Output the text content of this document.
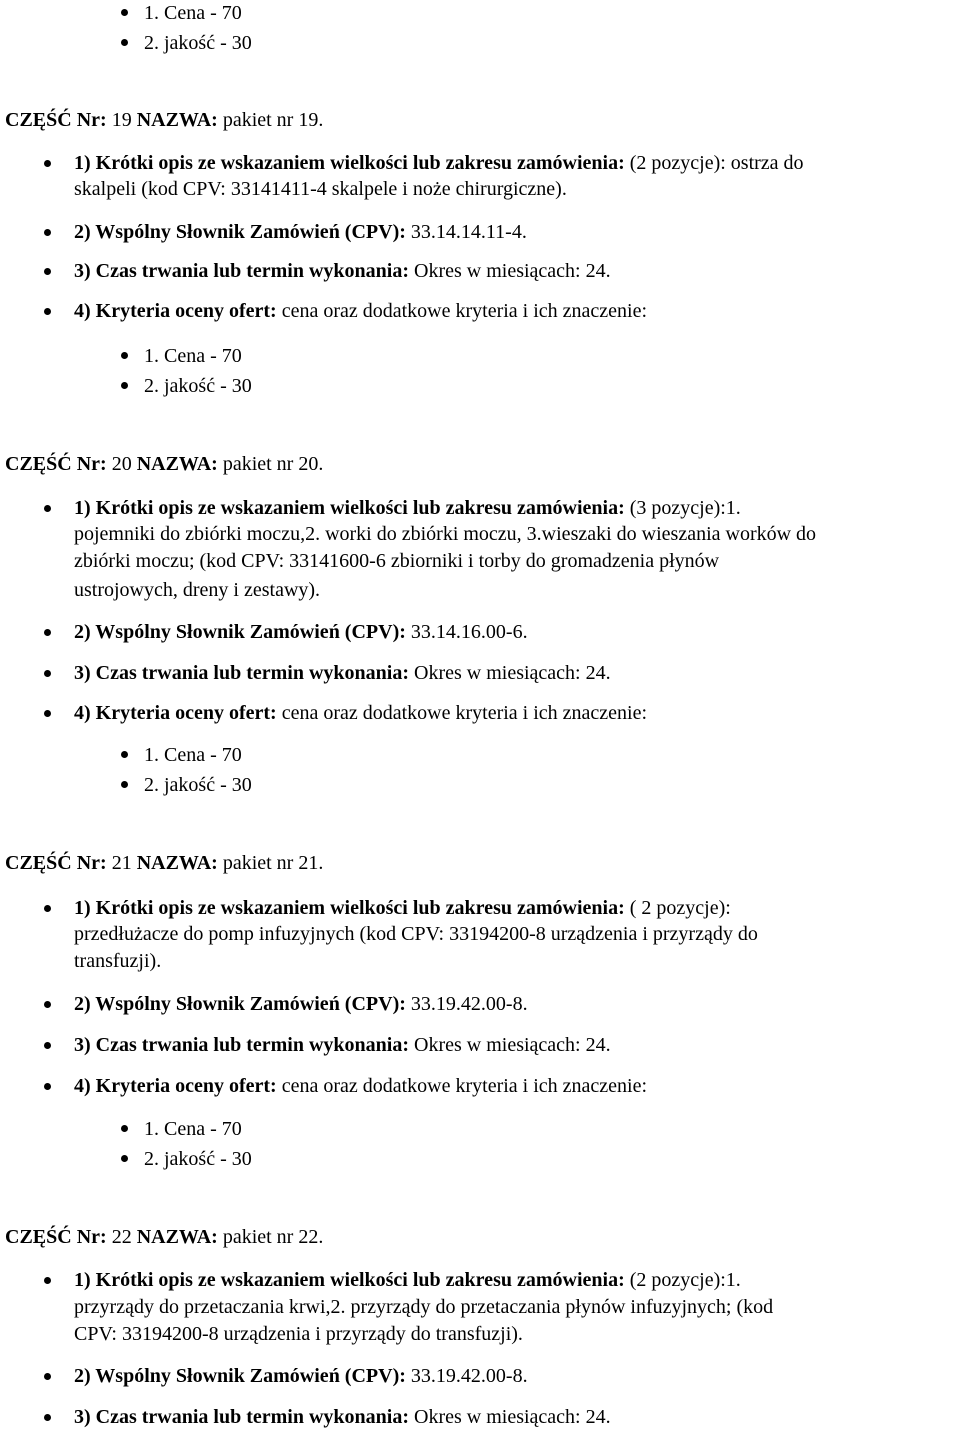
1. Cena - 70
2. jakość - 30
CZĘŚĆ Nr: 19 NAZWA: pakiet nr 19.
1) Krótki opis ze wskazaniem wielkości lub zakresu zamówienia: (2 pozycje): ostrza do
skalpeli (kod CPV: 33141411-4 skalpele i noże chirurgiczne).
2) Wspólny Słownik Zamówień (CPV): 33.14.14.11-4.
3) Czas trwania lub termin wykonania: Okres w miesiącach: 24.
4) Kryteria oceny ofert: cena oraz dodatkowe kryteria i ich znaczenie:
1. Cena - 70
2. jakość - 30
CZĘŚĆ Nr: 20 NAZWA: pakiet nr 20.
1) Krótki opis ze wskazaniem wielkości lub zakresu zamówienia: (3 pozycje):1.
pojemniki do zbiórki moczu,2. worki do zbiórki moczu, 3.wieszaki do wieszania worków do
zbiórki moczu; (kod CPV: 33141600-6 zbiorniki i torby do gromadzenia płynów
ustrojowych, dreny i zestawy).
2) Wspólny Słownik Zamówień (CPV): 33.14.16.00-6.
3) Czas trwania lub termin wykonania: Okres w miesiącach: 24.
4) Kryteria oceny ofert: cena oraz dodatkowe kryteria i ich znaczenie:
1. Cena - 70
2. jakość - 30
CZĘŚĆ Nr: 21 NAZWA: pakiet nr 21.
1) Krótki opis ze wskazaniem wielkości lub zakresu zamówienia: ( 2 pozycje):
przedłużacze do pomp infuzyjnych (kod CPV: 33194200-8 urządzenia i przyrządy do
transfuzji).
2) Wspólny Słownik Zamówień (CPV): 33.19.42.00-8.
3) Czas trwania lub termin wykonania: Okres w miesiącach: 24.
4) Kryteria oceny ofert: cena oraz dodatkowe kryteria i ich znaczenie:
1. Cena - 70
2. jakość - 30
CZĘŚĆ Nr: 22 NAZWA: pakiet nr 22.
1) Krótki opis ze wskazaniem wielkości lub zakresu zamówienia: (2 pozycje):1.
przyrządy do przetaczania krwi,2. przyrządy do przetaczania płynów infuzyjnych; (kod
CPV: 33194200-8 urządzenia i przyrządy do transfuzji).
2) Wspólny Słownik Zamówień (CPV): 33.19.42.00-8.
3) Czas trwania lub termin wykonania: Okres w miesiącach: 24.
